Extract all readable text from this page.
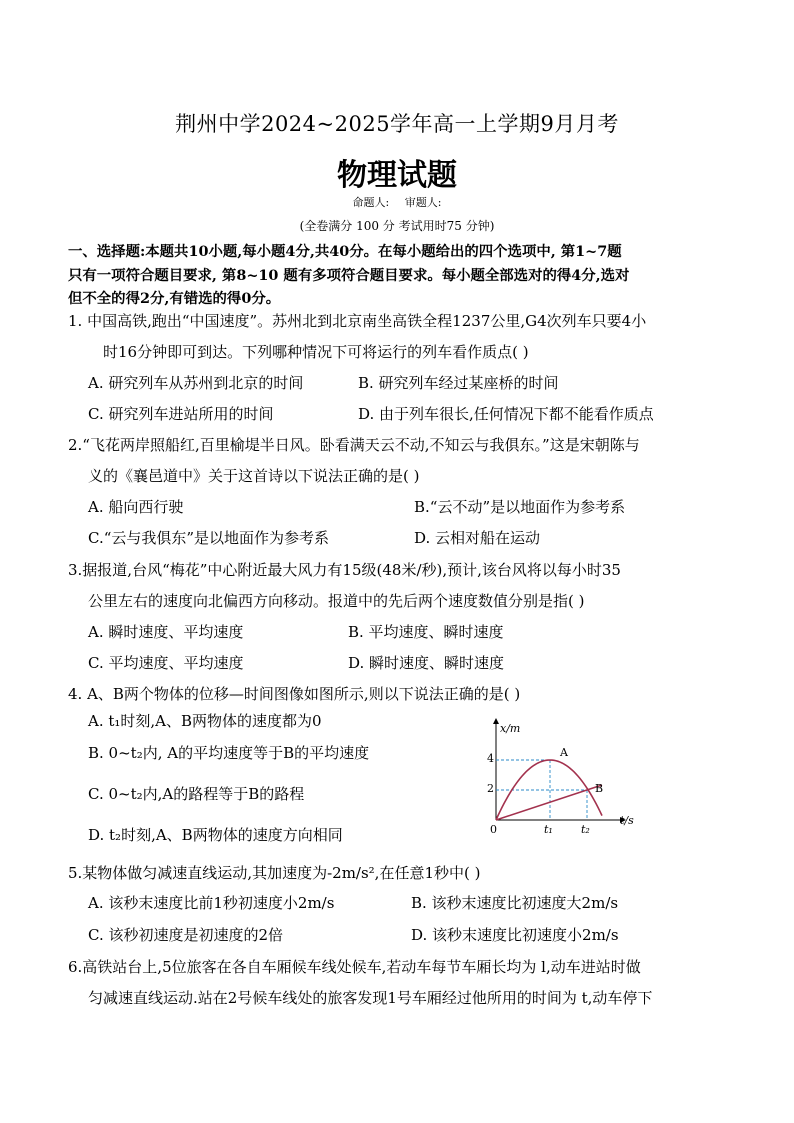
荆州中学2024~2025学年高一上学期9月月考
物理试题
命题人: 审题人:
(全卷满分 100 分 考试用时75 分钟)
一、选择题:本题共10小题,每小题4分,共40分。在每小题给出的四个选项中, 第1~7题
只有一项符合题目要求, 第8~10 题有多项符合题目要求。每小题全部选对的得4分,选对
但不全的得2分,有错选的得0分。
1. 中国高铁,跑出“中国速度”。苏州北到北京南坐高铁全程1237公里,G4次列车只要4小
时16分钟即可到达。下列哪种情况下可将运行的列车看作质点( )
A. 研究列车从苏州到北京的时间	B. 研究列车经过某座桥的时间
C. 研究列车进站所用的时间	D. 由于列车很长,任何情况下都不能看作质点
2.“飞花两岸照船红,百里榆堤半日风。卧看满天云不动,不知云与我俱东。”这是宋朝陈与
义的《襄邑道中》关于这首诗以下说法正确的是( )
A. 船向西行驶	B.“云不动”是以地面作为参考系
C.“云与我俱东”是以地面作为参考系	D. 云相对船在运动
3.据报道,台风“梅花”中心附近最大风力有15级(48米/秒),预计,该台风将以每小时35
公里左右的速度向北偏西方向移动。报道中的先后两个速度数值分别是指( )
A. 瞬时速度、平均速度	B. 平均速度、瞬时速度
C. 平均速度、平均速度	D. 瞬时速度、瞬时速度
4. A、B两个物体的位移—时间图像如图所示,则以下说法正确的是( )
A. t₁时刻,A、B两物体的速度都为0
B. 0~t₂内, A的平均速度等于B的平均速度
C. 0~t₂内,A的路程等于B的路程
D. t₂时刻,A、B两物体的速度方向相同
x/m
t/s
0
4
2
t₁	t₂
A
B
5.某物体做匀减速直线运动,其加速度为-2m/s²,在任意1秒中( )
A. 该秒末速度比前1秒初速度小2m/s	B. 该秒末速度比初速度大2m/s
C. 该秒初速度是初速度的2倍	D. 该秒末速度比初速度小2m/s
6.高铁站台上,5位旅客在各自车厢候车线处候车,若动车每节车厢长均为 l,动车进站时做
匀减速直线运动.站在2号候车线处的旅客发现1号车厢经过他所用的时间为 t,动车停下
